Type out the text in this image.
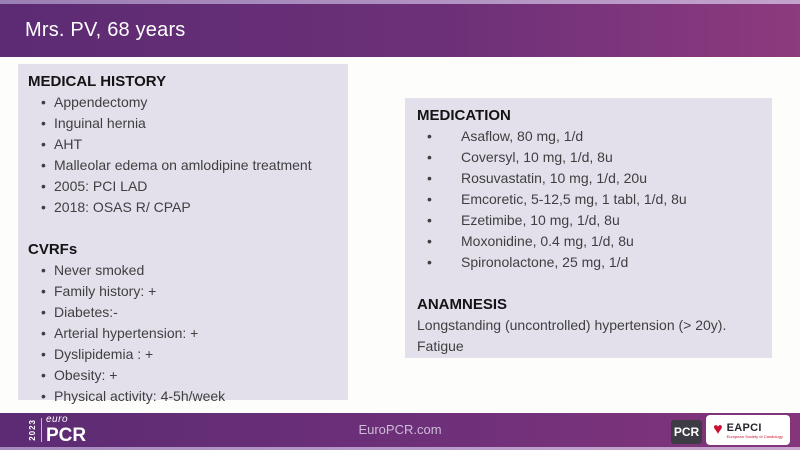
Mrs. PV, 68 years
MEDICAL HISTORY
• Appendectomy
• Inguinal hernia
• AHT
• Malleolar edema on amlodipine treatment
• 2005: PCI LAD
• 2018: OSAS R/ CPAP
CVRFs
• Never smoked
• Family history: +
• Diabetes:-
• Arterial hypertension: +
• Dyslipidemia : +
• Obesity: +
• Physical activity: 4-5h/week
MEDICATION
• Asaflow, 80 mg, 1/d
• Coversyl, 10 mg, 1/d, 8u
• Rosuvastatin, 10 mg, 1/d, 20u
• Emcoretic, 5-12,5 mg, 1 tabl, 1/d, 8u
• Ezetimibe, 10 mg, 1/d, 8u
• Moxonidine, 0.4 mg, 1/d, 8u
• Spironolactone, 25 mg, 1/d
ANAMNESIS
Longstanding (uncontrolled) hypertension (> 20y).
Fatigue
2023 euro
PCR	EuroPCR.com	PCR ♥ EAPCI
European Society of Cardiology
